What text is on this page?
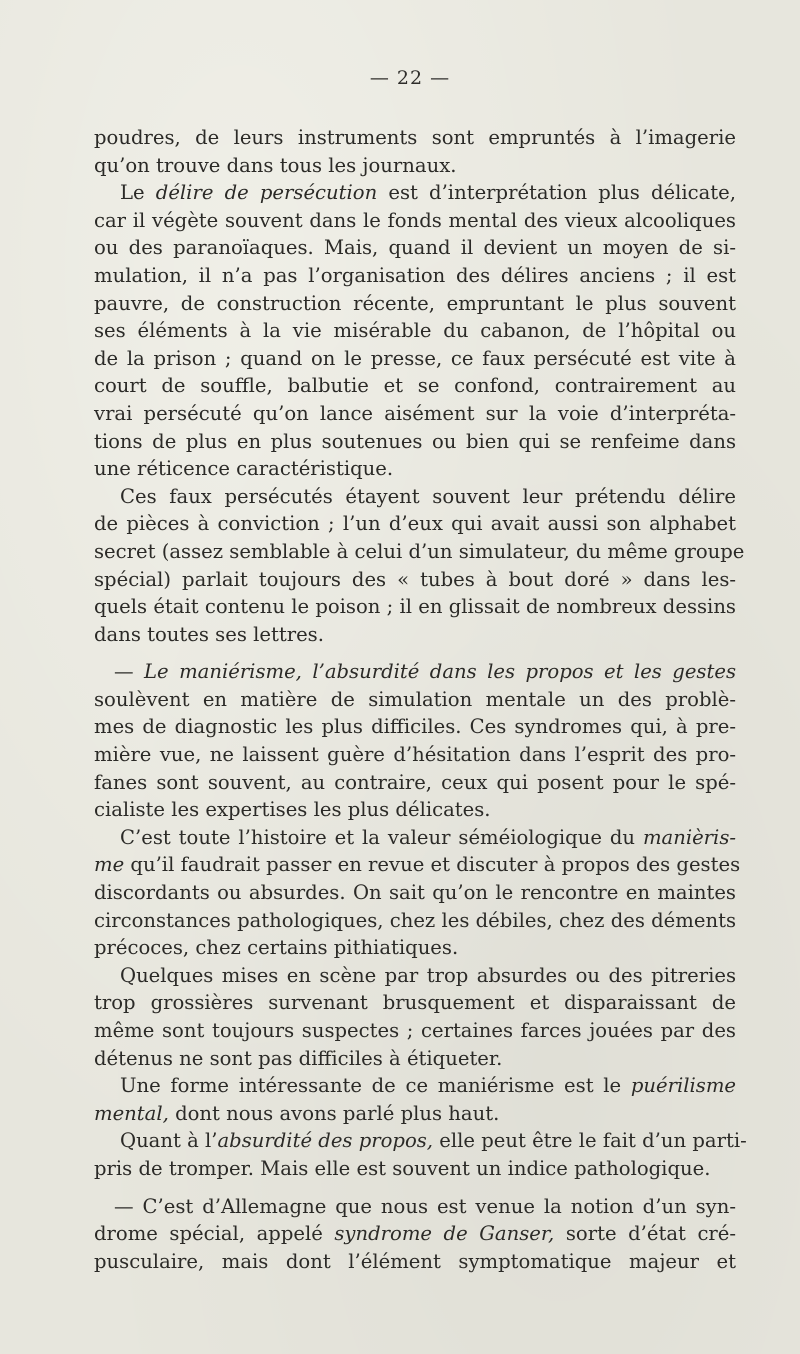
— 22 —
poudres, de leurs instruments sont empruntés à l’imagerie
qu’on trouve dans tous les journaux.
Le délire de persécution est d’interprétation plus délicate,
car il végète souvent dans le fonds mental des vieux alcooliques
ou des paranoïaques. Mais, quand il devient un moyen de si-
mulation, il n’a pas l’organisation des délires anciens ; il est
pauvre, de construction récente, empruntant le plus souvent
ses éléments à la vie misérable du cabanon, de l’hôpital ou
de la prison ; quand on le presse, ce faux persécuté est vite à
court de souffle, balbutie et se confond, contrairement au
vrai persécuté qu’on lance aisément sur la voie d’interpréta-
tions de plus en plus soutenues ou bien qui se renfeime dans
une réticence caractéristique.
Ces faux persécutés étayent souvent leur prétendu délire
de pièces à conviction ; l’un d’eux qui avait aussi son alphabet
secret (assez semblable à celui d’un simulateur, du même groupe
spécial) parlait toujours des « tubes à bout doré » dans les-
quels était contenu le poison ; il en glissait de nombreux dessins
dans toutes ses lettres.
— Le maniérisme, l’absurdité dans les propos et les gestes
soulèvent en matière de simulation mentale un des problè-
mes de diagnostic les plus difficiles. Ces syndromes qui, à pre-
mière vue, ne laissent guère d’hésitation dans l’esprit des pro-
fanes sont souvent, au contraire, ceux qui posent pour le spé-
cialiste les expertises les plus délicates.
C’est toute l’histoire et la valeur séméiologique du manièris-
me qu’il faudrait passer en revue et discuter à propos des gestes
discordants ou absurdes. On sait qu’on le rencontre en maintes
circonstances pathologiques, chez les débiles, chez des déments
précoces, chez certains pithiatiques.
Quelques mises en scène par trop absurdes ou des pitreries
trop grossières survenant brusquement et disparaissant de
même sont toujours suspectes ; certaines farces jouées par des
détenus ne sont pas difficiles à étiqueter.
Une forme intéressante de ce maniérisme est le puérilisme
mental, dont nous avons parlé plus haut.
Quant à l’absurdité des propos, elle peut être le fait d’un parti-
pris de tromper. Mais elle est souvent un indice pathologique.
— C’est d’Allemagne que nous est venue la notion d’un syn-
drome spécial, appelé syndrome de Ganser, sorte d’état cré-
pusculaire, mais dont l’élément symptomatique majeur et
